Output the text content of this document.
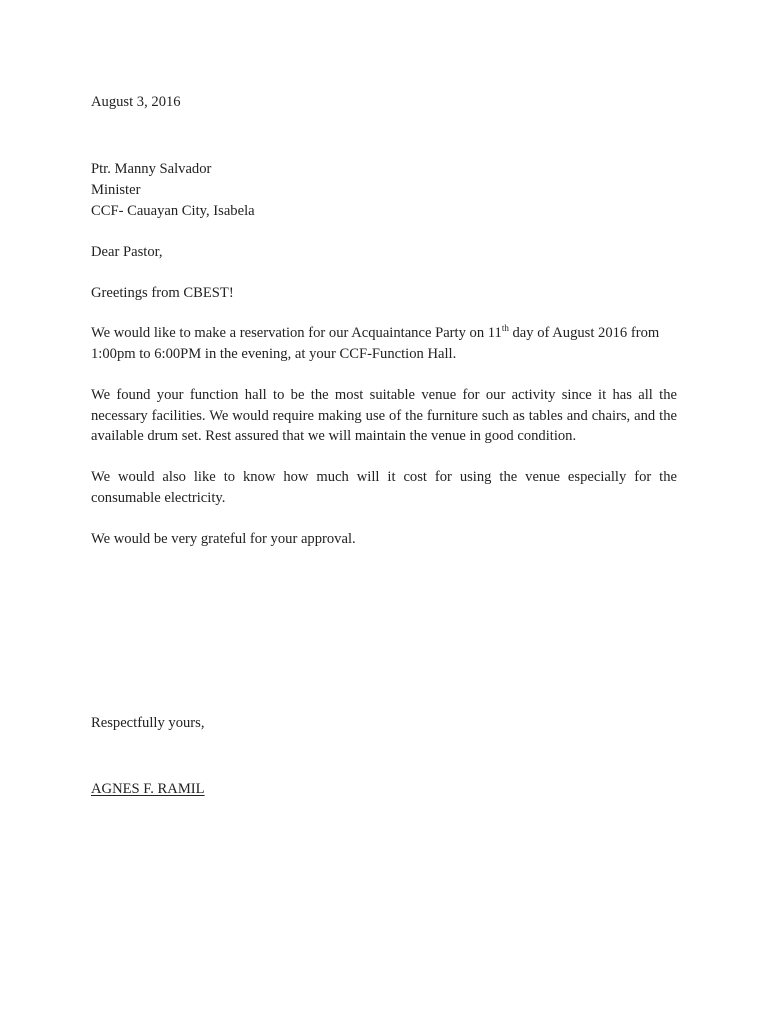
August 3, 2016
Ptr. Manny Salvador
Minister
CCF- Cauayan City, Isabela
Dear Pastor,
Greetings from CBEST!
We would like to make a reservation for our Acquaintance Party on 11th day of August 2016 from 1:00pm to 6:00PM in the evening, at your CCF-Function Hall.
We found your function hall to be the most suitable venue for our activity since it has all the necessary facilities. We would require making use of the furniture such as tables and chairs, and the available drum set. Rest assured that we will maintain the venue in good condition.
We would also like to know how much will it cost for using the venue especially for the consumable electricity.
We would be very grateful for your approval.
Respectfully yours,
AGNES F. RAMIL
